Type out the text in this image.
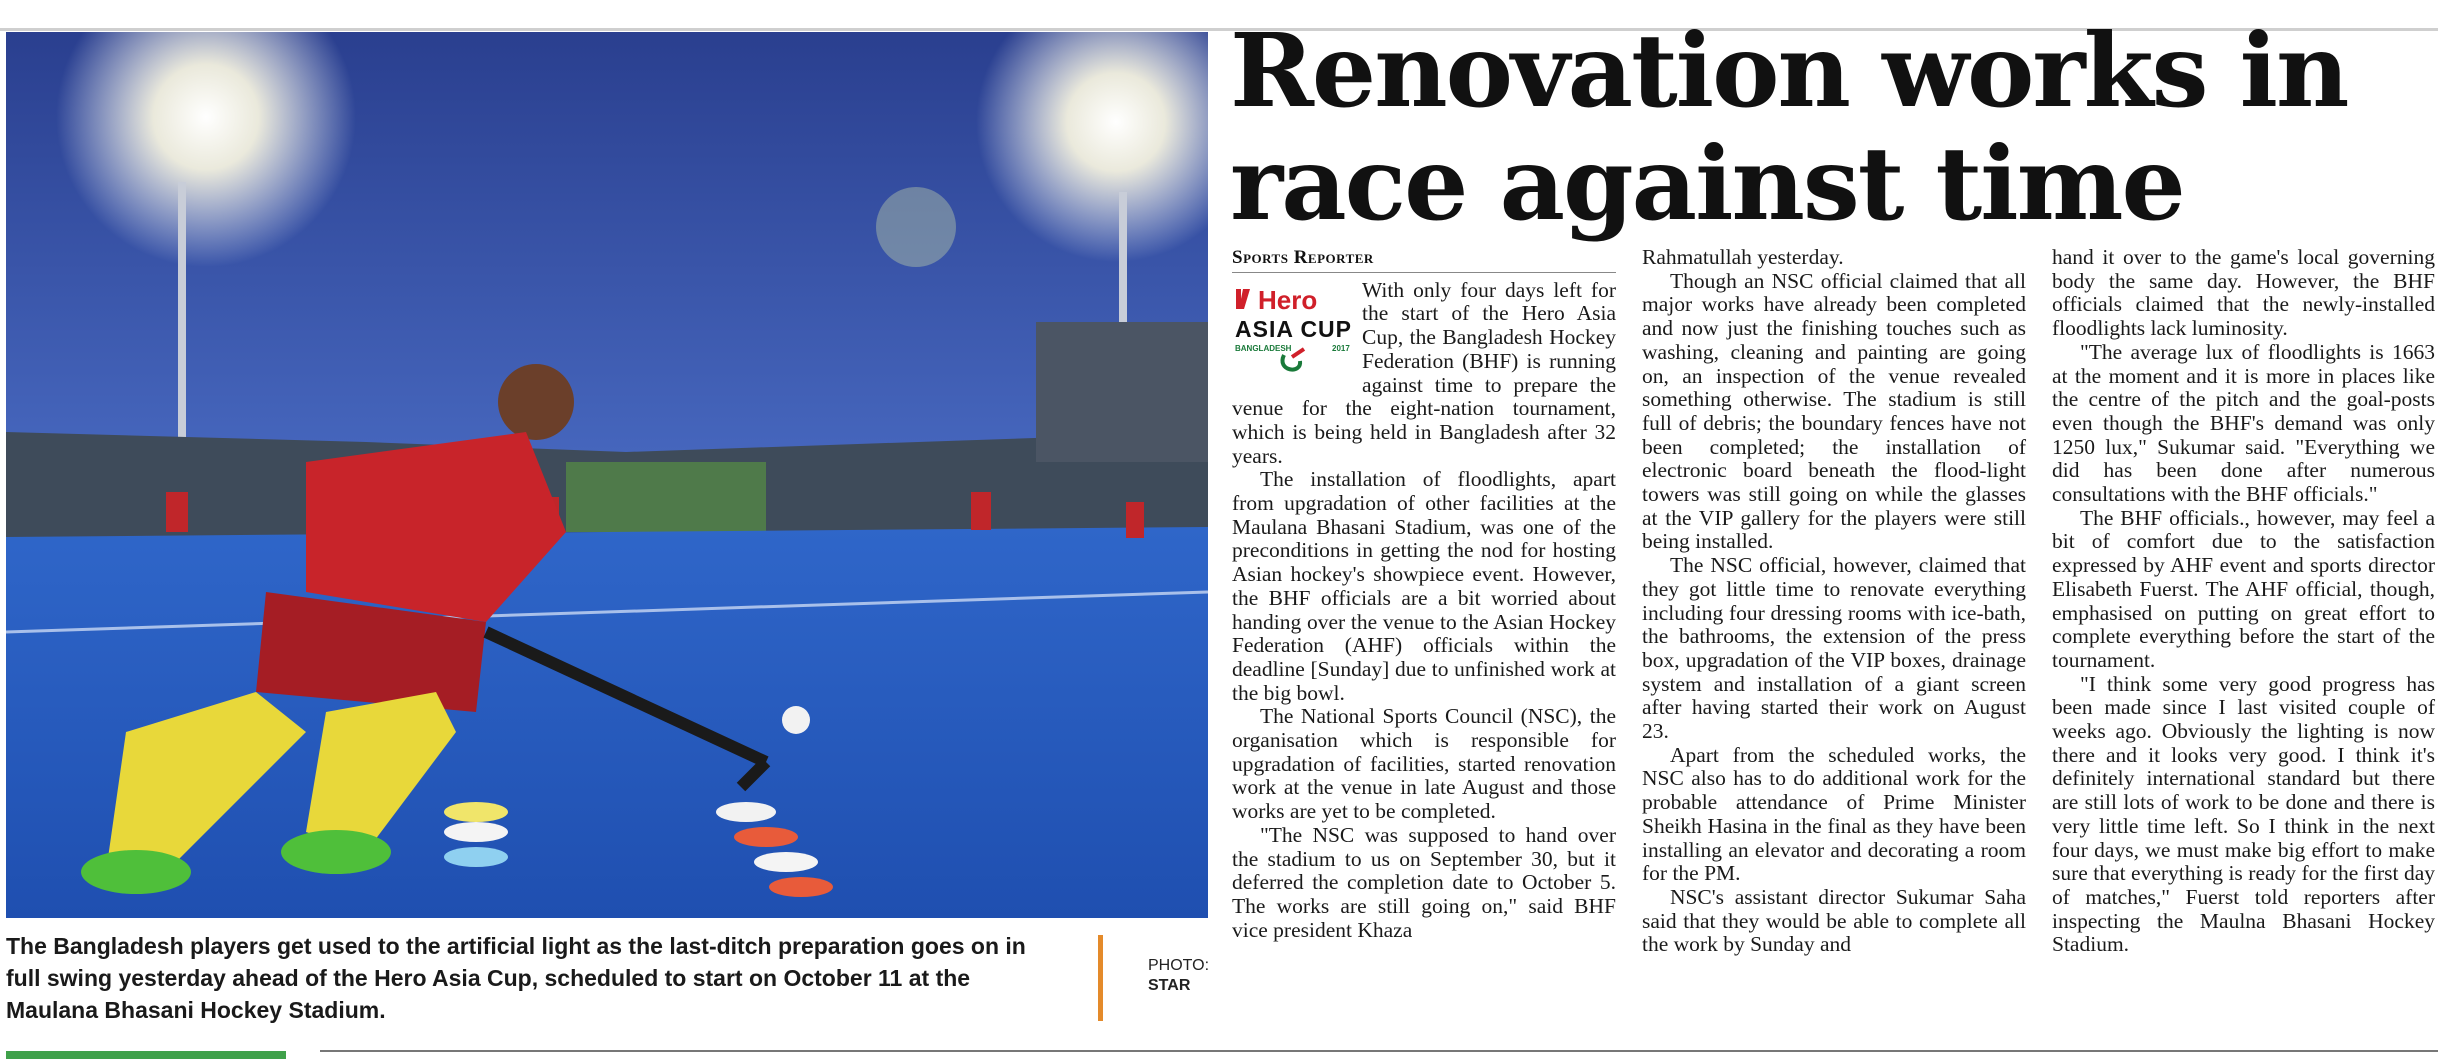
The Bangladesh players get used to the artificial light as the last-ditch preparation goes on in full swing yesterday ahead of the Hero Asia Cup, scheduled to start on October 11 at the Maulana Bhasani Hockey Stadium.
PHOTO:
STAR
Renovation works in
race against time
Sports Reporter
Hero
ASIA CUP
BANGLADESH	2017

With only four days left for the start of the Hero Asia Cup, the Bangladesh Hockey Federation (BHF) is running against time to prepare the venue for the eight-nation tournament, which is being held in Bangladesh after 32 years.

The installation of floodlights, apart from upgradation of other facilities at the Maulana Bhasani Stadium, was one of the preconditions in getting the nod for hosting Asian hockey's showpiece event. However, the BHF officials are a bit worried about handing over the venue to the Asian Hockey Federation (AHF) officials within the deadline [Sunday] due to unfinished work at the big bowl.

The National Sports Council (NSC), the organisation which is responsible for upgradation of facilities, started renovation work at the venue in late August and those works are yet to be completed.

"The NSC was supposed to hand over the stadium to us on September 30, but it deferred the completion date to October 5. The works are still going on," said BHF vice president Khaza

Rahmatullah yesterday.

Though an NSC official claimed that all major works have already been completed and now just the finishing touches such as washing, cleaning and painting are going on, an inspection of the venue revealed something otherwise. The stadium is still full of debris; the boundary fences have not been completed; the installation of electronic board beneath the flood-light towers was still going on while the glasses at the VIP gallery for the players were still being installed.

The NSC official, however, claimed that they got little time to renovate everything including four dressing rooms with ice-bath, the bathrooms, the extension of the press box, upgradation of the VIP boxes, drainage system and installation of a giant screen after having started their work on August 23.

Apart from the scheduled works, the NSC also has to do additional work for the probable attendance of Prime Minister Sheikh Hasina in the final as they have been installing an elevator and decorating a room for the PM.

NSC's assistant director Sukumar Saha said that they would be able to complete all the work by Sunday and

hand it over to the game's local governing body the same day. However, the BHF officials claimed that the newly-installed floodlights lack luminosity.

"The average lux of floodlights is 1663 at the moment and it is more in places like the centre of the pitch and the goal-posts even though the BHF's demand was only 1250 lux," Sukumar said. "Everything we did has been done after numerous consultations with the BHF officials."

The BHF officials., however, may feel a bit of comfort due to the satisfaction expressed by AHF event and sports director Elisabeth Fuerst. The AHF official, though, emphasised on putting on great effort to complete everything before the start of the tournament.

"I think some very good progress has been made since I last visited couple of weeks ago. Obviously the lighting is now there and it looks very good. I think it's definitely international standard but there are still lots of work to be done and there is very little time left. So I think in the next four days, we must make big effort to make sure that everything is ready for the first day of matches," Fuerst told reporters after inspecting the Maulna Bhasani Hockey Stadium.
